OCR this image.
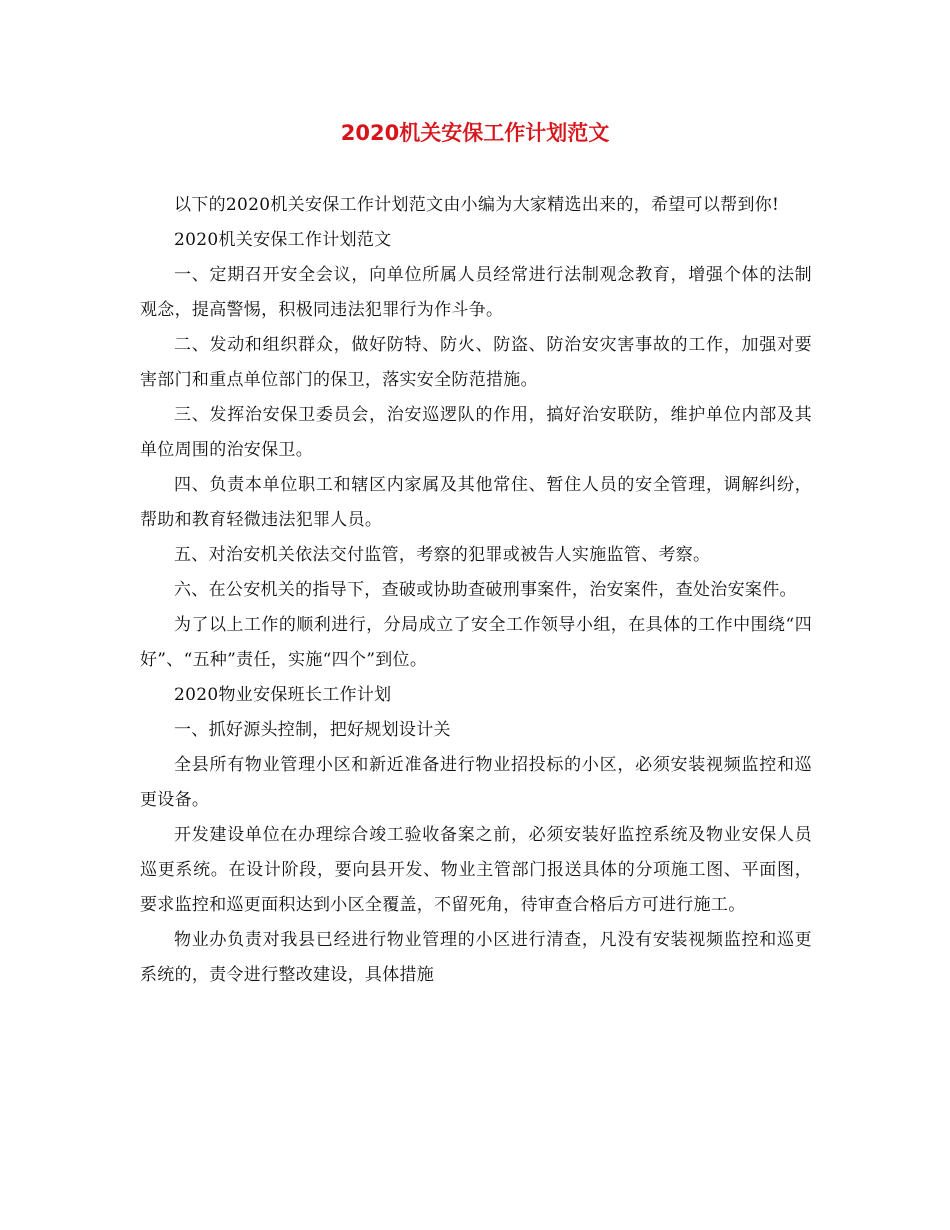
2020机关安保工作计划范文

以下的2020机关安保工作计划范文由小编为大家精选出来的，希望可以帮到你!

2020机关安保工作计划范文

一、定期召开安全会议，向单位所属人员经常进行法制观念教育，增强个体的法制观念，提高警惕，积极同违法犯罪行为作斗争。

二、发动和组织群众，做好防特、防火、防盗、防治安灾害事故的工作，加强对要害部门和重点单位部门的保卫，落实安全防范措施。

三、发挥治安保卫委员会，治安巡逻队的作用，搞好治安联防，维护单位内部及其单位周围的治安保卫。

四、负责本单位职工和辖区内家属及其他常住、暂住人员的安全管理，调解纠纷，帮助和教育轻微违法犯罪人员。

五、对治安机关依法交付监管，考察的犯罪或被告人实施监管、考察。

六、在公安机关的指导下，查破或协助查破刑事案件，治安案件，查处治安案件。

为了以上工作的顺利进行，分局成立了安全工作领导小组，在具体的工作中围绕“四好”、“五种”责任，实施“四个”到位。

2020物业安保班长工作计划

一、抓好源头控制，把好规划设计关

全县所有物业管理小区和新近准备进行物业招投标的小区，必须安装视频监控和巡更设备。

开发建设单位在办理综合竣工验收备案之前，必须安装好监控系统及物业安保人员巡更系统。在设计阶段，要向县开发、物业主管部门报送具体的分项施工图、平面图，要求监控和巡更面积达到小区全覆盖，不留死角，待审查合格后方可进行施工。

物业办负责对我县已经进行物业管理的小区进行清查，凡没有安装视频监控和巡更系统的，责令进行整改建设，具体措施
